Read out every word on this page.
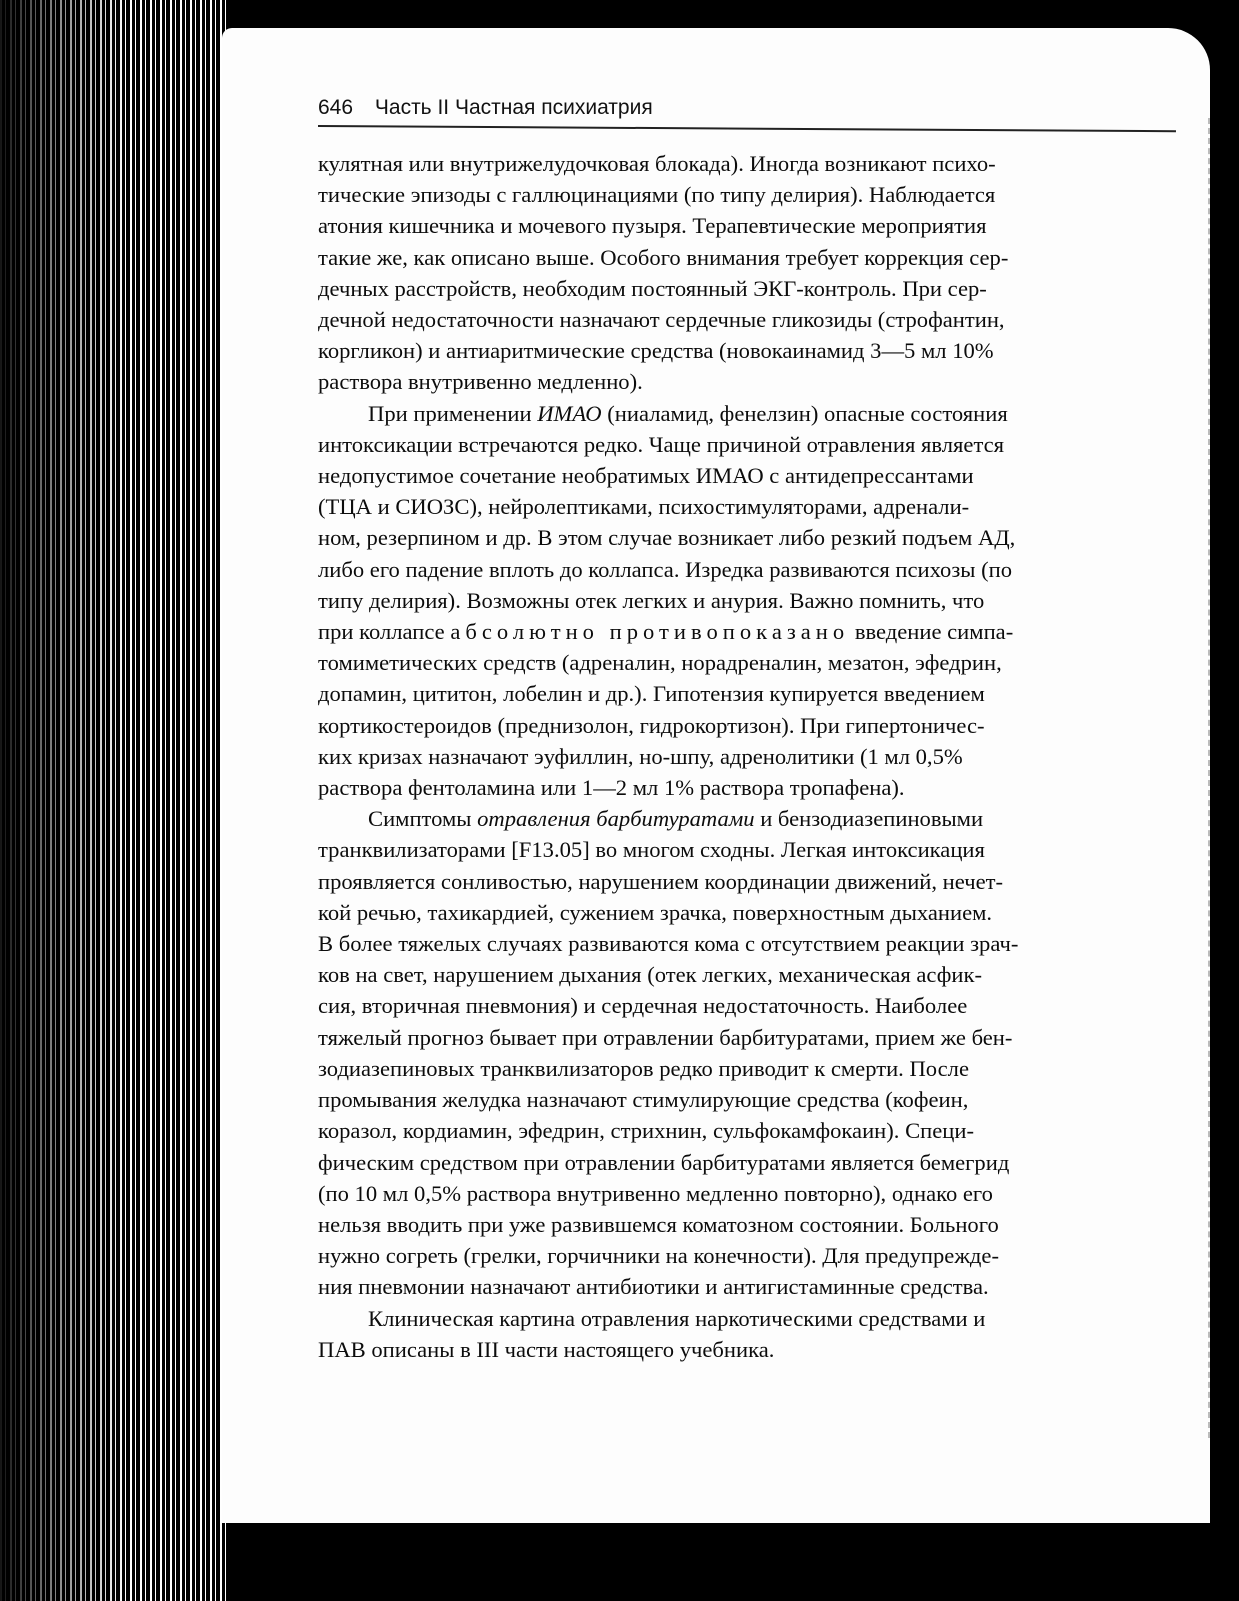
646 Часть II Частная психиатрия

кулятная или внутрижелудочковая блокада). Иногда возникают психо-
тические эпизоды с галлюцинациями (по типу делирия). Наблюдается
атония кишечника и мочевого пузыря. Терапевтические мероприятия
такие же, как описано выше. Особого внимания требует коррекция сер-
дечных расстройств, необходим постоянный ЭКГ-контроль. При сер-
дечной недостаточности назначают сердечные гликозиды (строфантин,
коргликон) и антиаритмические средства (новокаинамид 3—5 мл 10%
раствора внутривенно медленно).

При применении ИМАО (ниаламид, фенелзин) опасные состояния
интоксикации встречаются редко. Чаще причиной отравления является
недопустимое сочетание необратимых ИМАО с антидепрессантами
(ТЦА и СИОЗС), нейролептиками, психостимуляторами, адренали-
ном, резерпином и др. В этом случае возникает либо резкий подъем АД,
либо его падение вплоть до коллапса. Изредка развиваются психозы (по
типу делирия). Возможны отек легких и анурия. Важно помнить, что
при коллапсе абсолютно противопоказано введение симпа-
томиметических средств (адреналин, норадреналин, мезатон, эфедрин,
допамин, цититон, лобелин и др.). Гипотензия купируется введением
кортикостероидов (преднизолон, гидрокортизон). При гипертоничес-
ких кризах назначают эуфиллин, но-шпу, адренолитики (1 мл 0,5%
раствора фентоламина или 1—2 мл 1% раствора тропафена).

Симптомы отравления барбитуратами и бензодиазепиновыми
транквилизаторами [F13.05] во многом сходны. Легкая интоксикация
проявляется сонливостью, нарушением координации движений, нечет-
кой речью, тахикардией, сужением зрачка, поверхностным дыханием.
В более тяжелых случаях развиваются кома с отсутствием реакции зрач-
ков на свет, нарушением дыхания (отек легких, механическая асфик-
сия, вторичная пневмония) и сердечная недостаточность. Наиболее
тяжелый прогноз бывает при отравлении барбитуратами, прием же бен-
зодиазепиновых транквилизаторов редко приводит к смерти. После
промывания желудка назначают стимулирующие средства (кофеин,
коразол, кордиамин, эфедрин, стрихнин, сульфокамфокаин). Специ-
фическим средством при отравлении барбитуратами является бемегрид
(по 10 мл 0,5% раствора внутривенно медленно повторно), однако его
нельзя вводить при уже развившемся коматозном состоянии. Больного
нужно согреть (грелки, горчичники на конечности). Для предупрежде-
ния пневмонии назначают антибиотики и антигистаминные средства.

Клиническая картина отравления наркотическими средствами и
ПАВ описаны в III части настоящего учебника.
